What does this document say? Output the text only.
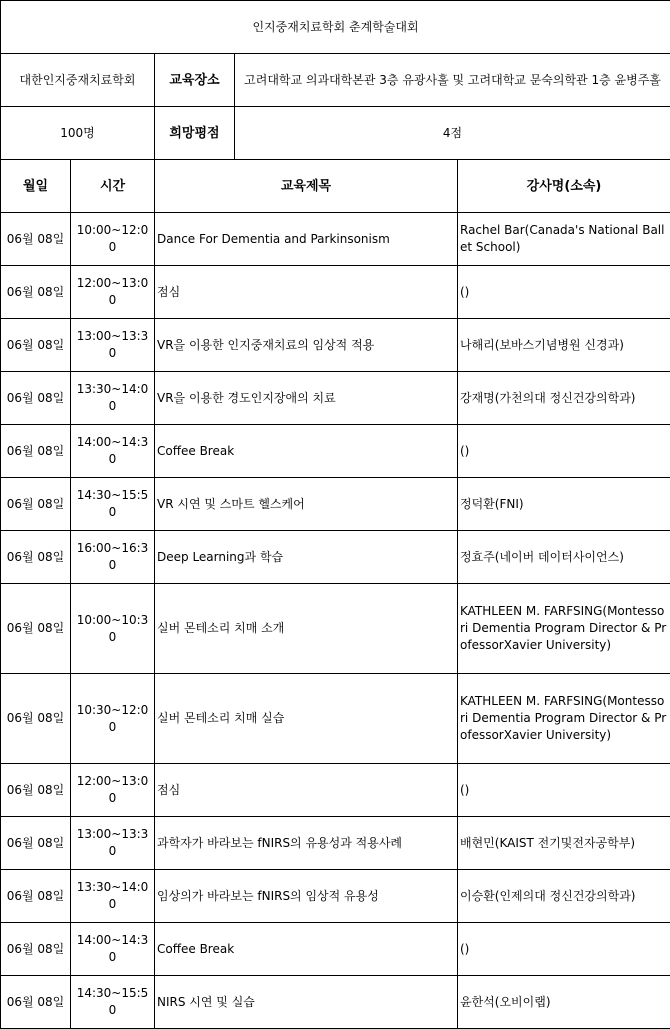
인지중재치료학회 춘계학술대회				
대한인지중재치료학회		교육장소	고려대학교 의과대학본관 3층 유광사홀 및 고려대학교 문숙의학관 1층 윤병주홀	
100명		희망평점	4점	
월일	시간	교육제목		강사명(소속)
06월 08일	10:00~12:00	Dance For Dementia and Parkinsonism		Rachel Bar(Canada's National Ballet School)
06월 08일	12:00~13:00	점심		()
06월 08일	13:00~13:30	VR을 이용한 인지중재치료의 임상적 적용		나해리(보바스기념병원 신경과)
06월 08일	13:30~14:00	VR을 이용한 경도인지장애의 치료		강재명(가천의대 정신건강의학과)
06월 08일	14:00~14:30	Coffee Break		()
06월 08일	14:30~15:50	VR 시연 및 스마트 헬스케어		정덕환(FNI)
06월 08일	16:00~16:30	Deep Learning과 학습		정효주(네이버 데이터사이언스)
06월 08일	10:00~10:30	실버 몬테소리 치매 소개		KATHLEEN M. FARFSING(Montessori Dementia Program Director & ProfessorXavier University)
06월 08일	10:30~12:00	실버 몬테소리 치매 실습		KATHLEEN M. FARFSING(Montessori Dementia Program Director & ProfessorXavier University)
06월 08일	12:00~13:00	점심		()
06월 08일	13:00~13:30	과학자가 바라보는 fNIRS의 유용성과 적용사례		배현민(KAIST 전기및전자공학부)
06월 08일	13:30~14:00	임상의가 바라보는 fNIRS의 임상적 유용성		이승환(인제의대 정신건강의학과)
06월 08일	14:00~14:30	Coffee Break		()
06월 08일	14:30~15:50	NIRS 시연 및 실습		윤한석(오비이랩)
